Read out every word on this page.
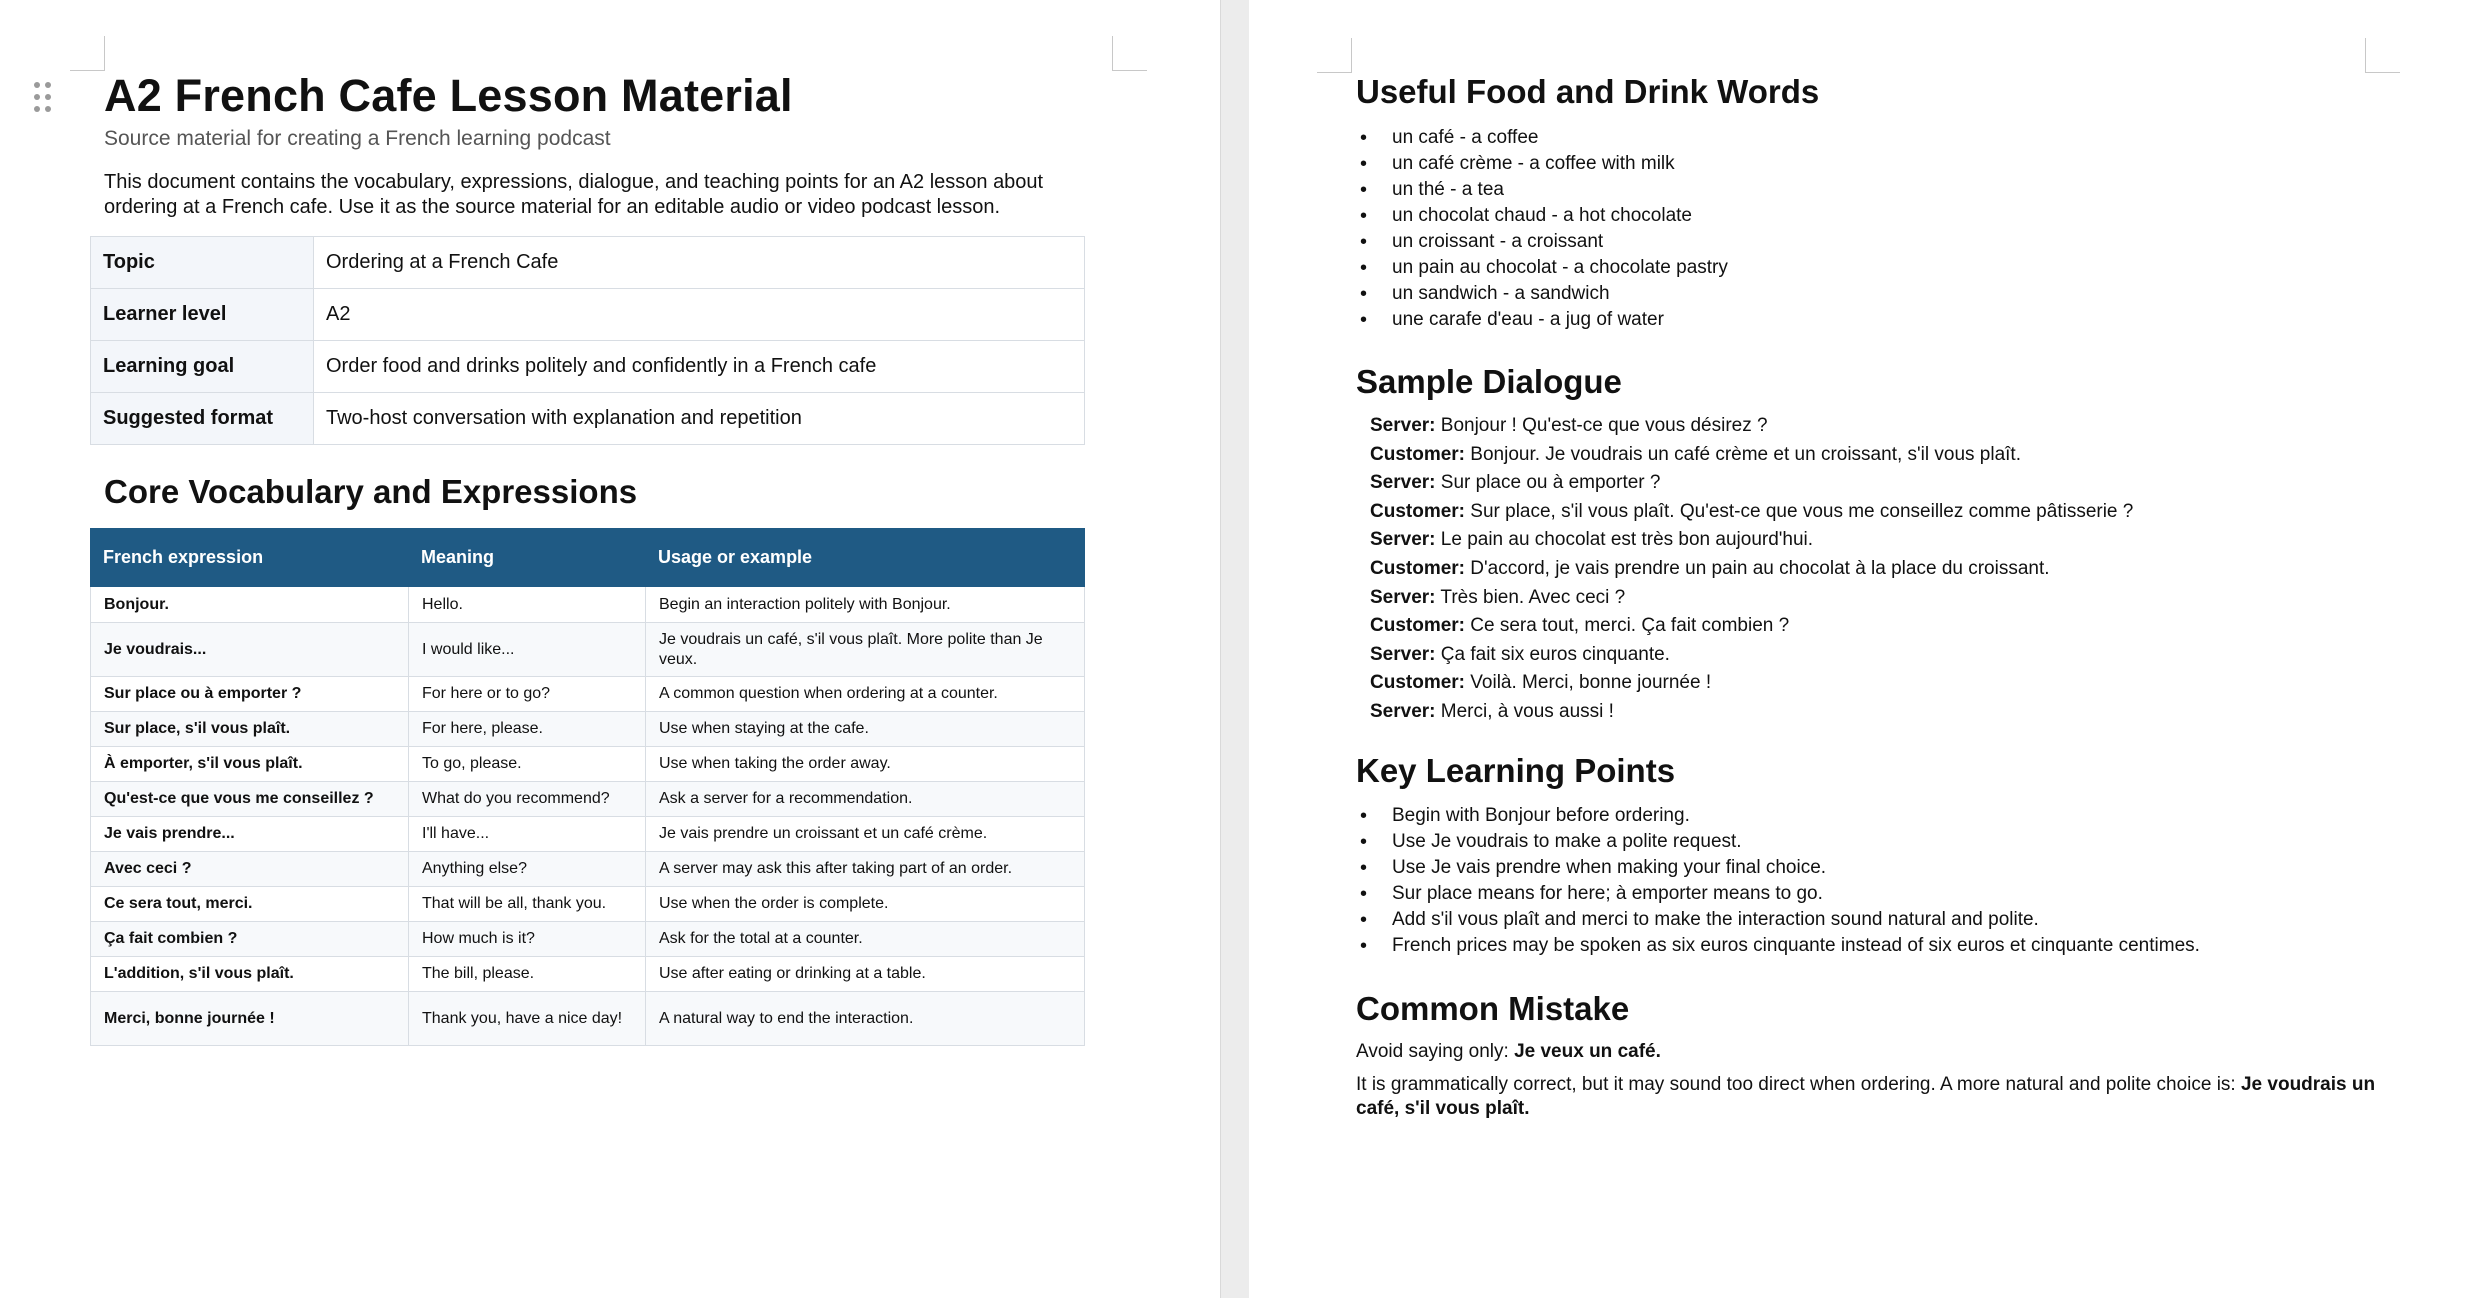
A2 French Cafe Lesson Material
Source material for creating a French learning podcast
This document contains the vocabulary, expressions, dialogue, and teaching points for an A2 lesson about ordering at a French cafe. Use it as the source material for an editable audio or video podcast lesson.
Topic	Ordering at a French Cafe
Learner level	A2
Learning goal	Order food and drinks politely and confidently in a French cafe
Suggested format	Two-host conversation with explanation and repetition
Core Vocabulary and Expressions
French expression	Meaning	Usage or example
Bonjour.	Hello.	Begin an interaction politely with Bonjour.
Je voudrais...	I would like...	Je voudrais un café, s'il vous plaît. More polite than Je veux.
Sur place ou à emporter ?	For here or to go?	A common question when ordering at a counter.
Sur place, s'il vous plaît.	For here, please.	Use when staying at the cafe.
À emporter, s'il vous plaît.	To go, please.	Use when taking the order away.
Qu'est-ce que vous me conseillez ?	What do you recommend?	Ask a server for a recommendation.
Je vais prendre...	I'll have...	Je vais prendre un croissant et un café crème.
Avec ceci ?	Anything else?	A server may ask this after taking part of an order.
Ce sera tout, merci.	That will be all, thank you.	Use when the order is complete.
Ça fait combien ?	How much is it?	Ask for the total at a counter.
L'addition, s'il vous plaît.	The bill, please.	Use after eating or drinking at a table.
Merci, bonne journée !	Thank you, have a nice day!	A natural way to end the interaction.
Useful Food and Drink Words
• un café - a coffee
• un café crème - a coffee with milk
• un thé - a tea
• un chocolat chaud - a hot chocolate
• un croissant - a croissant
• un pain au chocolat - a chocolate pastry
• un sandwich - a sandwich
• une carafe d'eau - a jug of water
Sample Dialogue
Server: Bonjour ! Qu'est-ce que vous désirez ?
Customer: Bonjour. Je voudrais un café crème et un croissant, s'il vous plaît.
Server: Sur place ou à emporter ?
Customer: Sur place, s'il vous plaît. Qu'est-ce que vous me conseillez comme pâtisserie ?
Server: Le pain au chocolat est très bon aujourd'hui.
Customer: D'accord, je vais prendre un pain au chocolat à la place du croissant.
Server: Très bien. Avec ceci ?
Customer: Ce sera tout, merci. Ça fait combien ?
Server: Ça fait six euros cinquante.
Customer: Voilà. Merci, bonne journée !
Server: Merci, à vous aussi !
Key Learning Points
• Begin with Bonjour before ordering.
• Use Je voudrais to make a polite request.
• Use Je vais prendre when making your final choice.
• Sur place means for here; à emporter means to go.
• Add s'il vous plaît and merci to make the interaction sound natural and polite.
• French prices may be spoken as six euros cinquante instead of six euros et cinquante centimes.
Common Mistake
Avoid saying only: Je veux un café.
It is grammatically correct, but it may sound too direct when ordering. A more natural and polite choice is: Je voudrais un café, s'il vous plaît.
